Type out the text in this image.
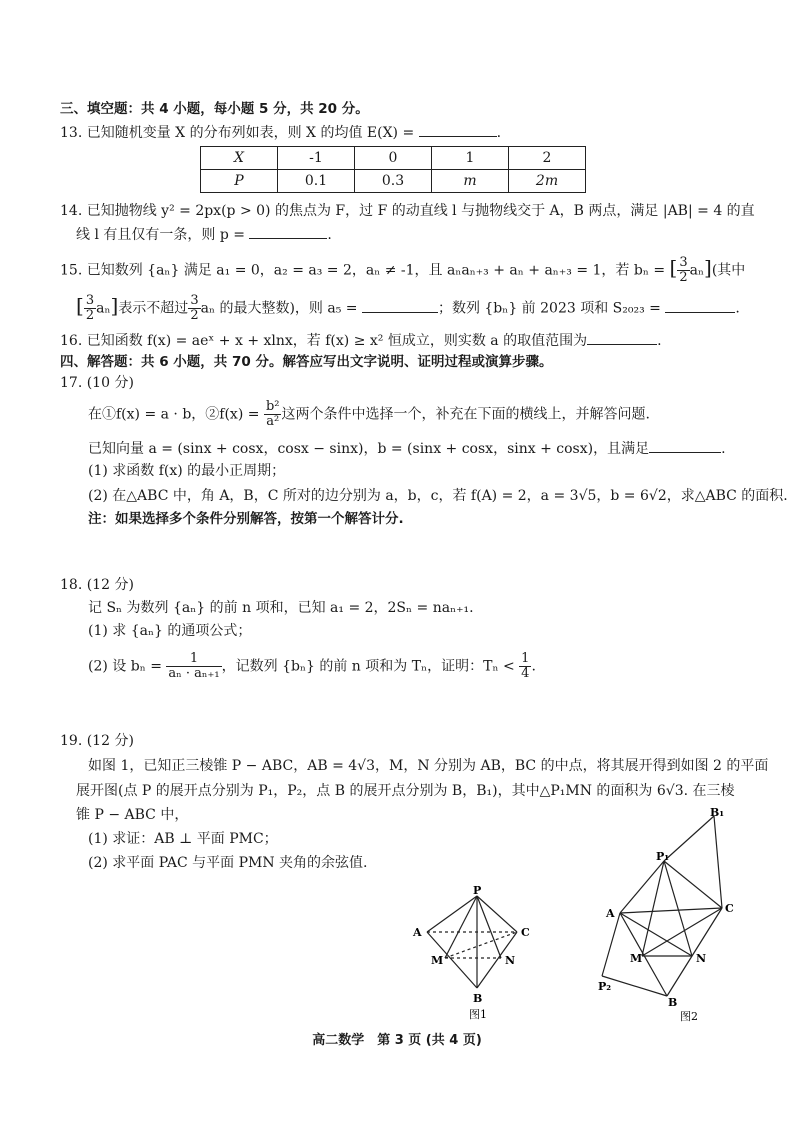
三、填空题：共 4 小题，每小题 5 分，共 20 分。
13. 已知随机变量 X 的分布列如表，则 X 的均值 E(X) =	.
X	-1	0	1	2
P	0.1	0.3	m	2m
14. 已知抛物线 y² = 2px(p > 0) 的焦点为 F，过 F 的动直线 l 与抛物线交于 A，B 两点，满足 |AB| = 4 的直
线 l 有且仅有一条，则 p =	.
15. 已知数列 {aₙ} 满足 a₁ = 0，a₂ = a₃ = 2，aₙ ≠ -1，且 aₙaₙ₊₃ + aₙ + aₙ₊₃ = 1，若 bₙ = [ $\frac{3}{2} a_n$](其中
[ $\frac{3}{2} a_n$]表示不超过 $\frac{3}{2}$ aₙ 的最大整数)，则 a₅ =	；数列 {bₙ} 前 2023 项和 S₂₀₂₃ =	.
16. 已知函数 f(x) = aeˣ + x + xlnx，若 f(x) ≥ x² 恒成立，则实数 a 的取值范围为	.
四、解答题：共 6 小题，共 70 分。解答应写出文字说明、证明过程或演算步骤。
17. (10 分)
在①f(x) = a · b，②f(x) = $\frac{\text{b²}}{\text{a²}}$ 这两个条件中选择一个，补充在下面的横线上，并解答问题.
已知向量 a = (sinx + cosx，cosx − sinx)，b = (sinx + cosx，sinx + cosx)，且满足	.
(1) 求函数 f(x) 的最小正周期；
(2) 在△ABC 中，角 A，B，C 所对的边分别为 a，b，c，若 f(A) = 2，a = 3√5，b = 6√2，求△ABC 的面积.
注：如果选择多个条件分别解答，按第一个解答计分.
18. (12 分)
记 Sₙ 为数列 {aₙ} 的前 n 项和，已知 a₁ = 2，2Sₙ = naₙ₊₁.
(1) 求 {aₙ} 的通项公式；
(2) 设 $b_n = \frac{1}{\text{aₙ · aₙ₊₁}}$ ，记数列 {bₙ} 的前 n 项和为 Tₙ，证明：$T_n < \frac{1}{4}$ .
19. (12 分)
如图 1，已知正三棱锥 P − ABC，AB = 4√3，M，N 分别为 AB，BC 的中点，将其展开得到如图 2 的平面
展开图(点 P 的展开点分别为 P₁，P₂，点 B 的展开点分别为 B，B₁)，其中△P₁MN 的面积为 6√3. 在三棱
锥 P − ABC 中，
(1) 求证：AB ⊥ 平面 PMC；
(2) 求平面 PAC 与平面 PMN 夹角的余弦值.
P
A	C
M	N
B
图1
B₁
P₁
A	C
M	N
P₂
B
图2
高二数学　第 3 页 (共 4 页)
